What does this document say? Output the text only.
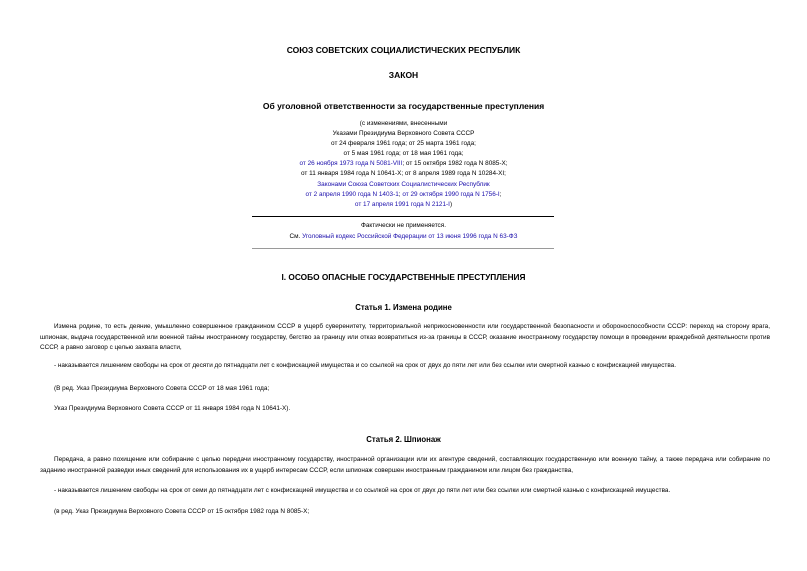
СОЮЗ СОВЕТСКИХ СОЦИАЛИСТИЧЕСКИХ РЕСПУБЛИК
ЗАКОН
Об уголовной ответственности за государственные преступления
(с изменениями, внесенными
Указами Президиума Верховного Совета СССР
от 24 февраля 1961 года; от 25 марта 1961 года;
от 5 мая 1961 года; от 18 мая 1961 года;
от 26 ноября 1973 года N 5081-VIII; от 15 октября 1982 года N 8085-X;
от 11 января 1984 года N 10641-X; от 8 апреля 1989 года N 10284-XI;
Законами Союза Советских Социалистических Республик
от 2 апреля 1990 года N 1403-1; от 29 октября 1990 года N 1756-I;
от 17 апреля 1991 года N 2121-I)
Фактически не применяется.
См. Уголовный кодекс Российской Федерации от 13 июня 1996 года N 63-ФЗ
I. ОСОБО ОПАСНЫЕ ГОСУДАРСТВЕННЫЕ ПРЕСТУПЛЕНИЯ
Статья 1. Измена родине
Измена родине, то есть деяние, умышленно совершенное гражданином СССР в ущерб суверенитету, территориальной неприкосновенности или государственной безопасности и обороноспособности СССР: переход на сторону врага, шпионаж, выдача государственной или военной тайны иностранному государству, бегство за границу или отказ возвратиться из-за границы в СССР, оказание иностранному государству помощи в проведении враждебной деятельности против СССР, а равно заговор с целью захвата власти,
- наказывается лишением свободы на срок от десяти до пятнадцати лет с конфискацией имущества и со ссылкой на срок от двух до пяти лет или без ссылки или смертной казнью с конфискацией имущества.
(В ред. Указ Президиума Верховного Совета СССР от 18 мая 1961 года;
Указ Президиума Верховного Совета СССР от 11 января 1984 года N 10641-X).
Статья 2. Шпионаж
Передача, а равно похищение или собирание с целью передачи иностранному государству, иностранной организации или их агентуре сведений, составляющих государственную или военную тайну, а также передача или собирание по заданию иностранной разведки иных сведений для использования их в ущерб интересам СССР, если шпионаж совершен иностранным гражданином или лицом без гражданства,
- наказывается лишением свободы на срок от семи до пятнадцати лет с конфискацией имущества и со ссылкой на срок от двух до пяти лет или без ссылки или смертной казнью с конфискацией имущества.
(в ред. Указ Президиума Верховного Совета СССР от 15 октября 1982 года N 8085-X;
